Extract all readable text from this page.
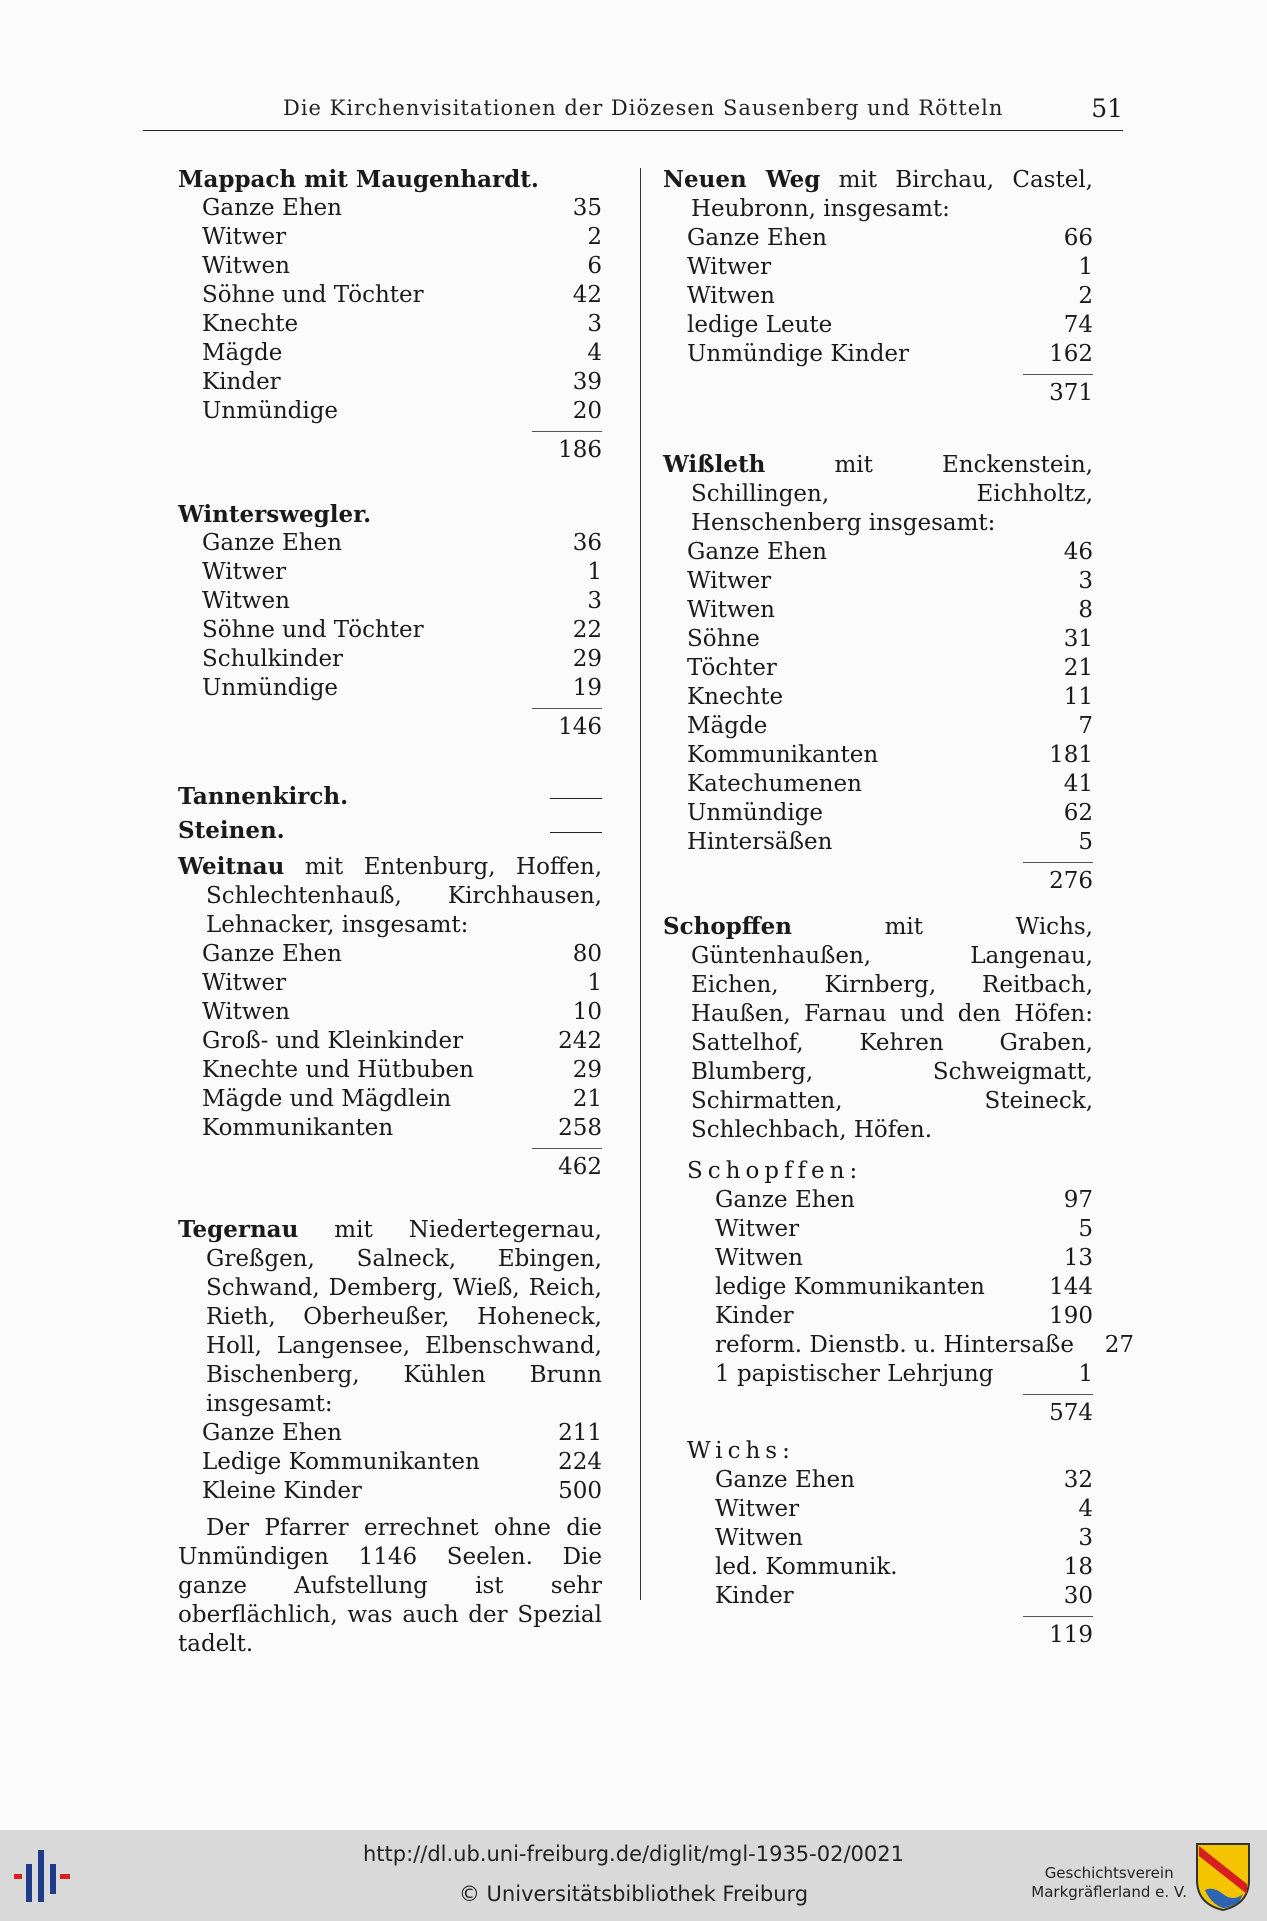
Die Kirchenvisitationen der Diözesen Sausenberg und Rötteln	51
Mappach mit Maugenhardt.
Ganze Ehen	35
Witwer	2
Witwen	6
Söhne und Töchter	42
Knechte	3
Mägde	4
Kinder	39
Unmündige	20
186
Winterswegler.
Ganze Ehen	36
Witwer	1
Witwen	3
Söhne und Töchter	22
Schulkinder	29
Unmündige	19
146
Tannenkirch.
Steinen.
Weitnau mit Entenburg, Hoffen, Schlechtenhauß, Kirchhausen, Lehnacker, insgesamt:
Ganze Ehen	80
Witwer	1
Witwen	10
Groß- und Kleinkinder	242
Knechte und Hütbuben	29
Mägde und Mägdlein	21
Kommunikanten	258
462
Tegernau mit Niedertegernau, Greßgen, Salneck, Ebingen, Schwand, Demberg, Wieß, Reich, Rieth, Oberheußer, Hoheneck, Holl, Langensee, Elbenschwand, Bischenberg, Kühlen Brunn insgesamt:
Ganze Ehen	211
Ledige Kommunikanten	224
Kleine Kinder	500
Der Pfarrer errechnet ohne die Unmündigen 1146 Seelen. Die ganze Aufstellung ist sehr oberflächlich, was auch der Spezial tadelt.
Neuen Weg mit Birchau, Castel, Heubronn, insgesamt:
Ganze Ehen	66
Witwer	1
Witwen	2
ledige Leute	74
Unmündige Kinder	162
371
Wißleth mit Enckenstein, Schillingen, Eichholtz, Henschenberg insgesamt:
Ganze Ehen	46
Witwer	3
Witwen	8
Söhne	31
Töchter	21
Knechte	11
Mägde	7
Kommunikanten	181
Katechumenen	41
Unmündige	62
Hintersäßen	5
276
Schopffen mit Wichs, Güntenhaußen, Langenau, Eichen, Kirnberg, Reitbach, Haußen, Farnau und den Höfen: Sattelhof, Kehren Graben, Blumberg, Schweigmatt, Schirmatten, Steineck, Schlechbach, Höfen.
Schopffen:
Ganze Ehen	97
Witwer	5
Witwen	13
ledige Kommunikanten	144
Kinder	190
reform. Dienstb. u. Hintersaße	27
1 papistischer Lehrjung	1
574
Wichs:
Ganze Ehen	32
Witwer	4
Witwen	3
led. Kommunik.	18
Kinder	30
119
http://dl.ub.uni-freiburg.de/diglit/mgl-1935-02/0021
© Universitätsbibliothek Freiburg
Geschichtsverein
Markgräflerland e. V.
